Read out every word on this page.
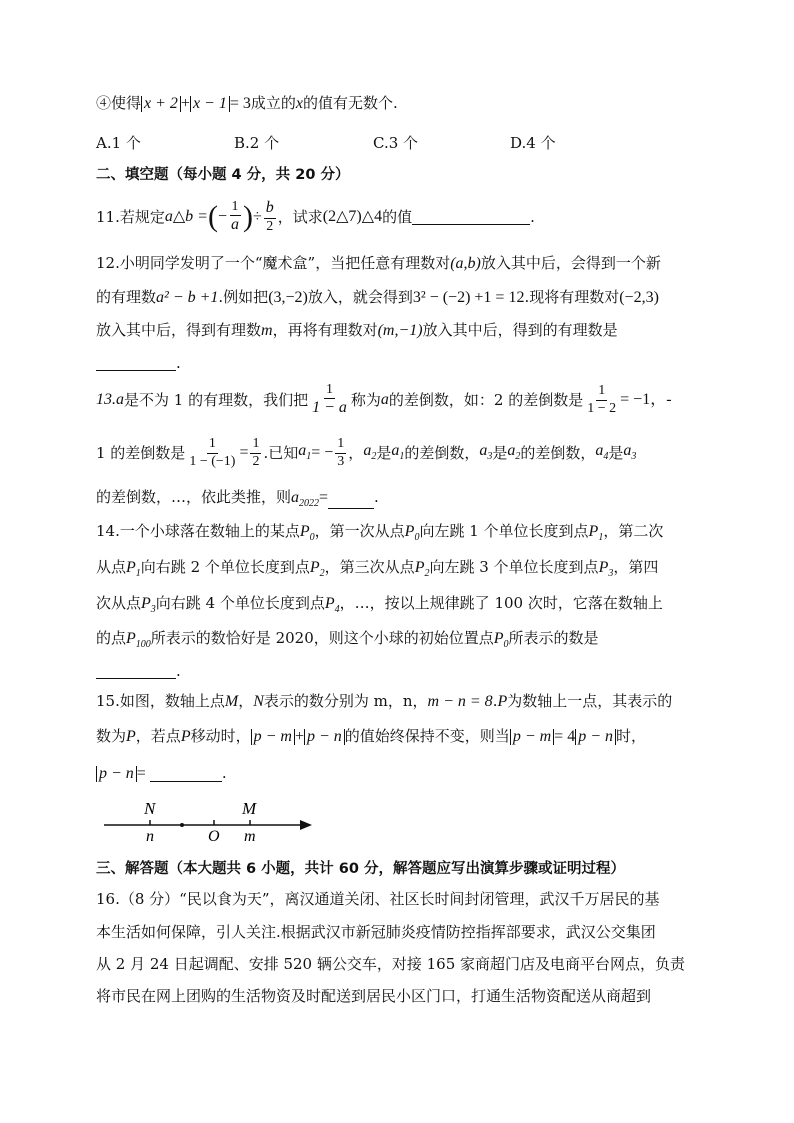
④使得 x + 2 + x − 1 = 3成立的x的值有无数个.
A.1 个	B.2 个	C.3 个	D.4 个
二、填空题（每小题 4 分，共 20 分）
11.若规定 a△b = ( − $\frac{1}{a}$ ) ÷ $\frac{b}{2}$ ，试求 (2△7)△4 的值	.
12.小明同学发明了一个“魔术盒”，当把任意有理数对(a,b)放入其中后，会得到一个新
的有理数a² − b +1.例如把(3,−2)放入，就会得到3² − (−2) +1 = 12.现将有理数对(−2,3)
放入其中后，得到有理数m，再将有理数对(m,−1)放入其中后，得到的有理数是
.
13. a 是不为 1 的有理数，我们把 $\frac{1}{1 - a}$ 称为 a 的差倒数，如：2 的差倒数是 $\frac{1}{1 - 2} = -1$，-
1 的差倒数是 $\frac{1}{1 - (-1)} = \frac{1}{2}$ .已知 $a_1$ = − $\frac{1}{3}$ ， $a_2$ 是 $a_1$ 的差倒数， $a_3$ 是 $a_2$ 的差倒数， $a_4$ 是 $a_3$
的差倒数，…，依此类推，则$a_{2022}=$	.
14.一个小球落在数轴上的某点$P_0$，第一次从点$P_0$向左跳 1 个单位长度到点$P_1$，第二次
从点$P_1$向右跳 2 个单位长度到点$P_2$，第三次从点$P_2$向左跳 3 个单位长度到点$P_3$，第四
次从点$P_3$向右跳 4 个单位长度到点$P_4$，…，按以上规律跳了 100 次时，它落在数轴上
的点$P_{100}$所表示的数恰好是 2020，则这个小球的初始位置点$P_0$所表示的数是
.
15.如图，数轴上点M，N表示的数分别为 m，n，m − n = 8.P为数轴上一点，其表示的
数为P，若点P移动时， p − m + p − n 的值始终保持不变，则当 p − m = 4 p − n 时，
p − n =	.
N	M
n	O m
三、解答题（本大题共 6 小题，共计 60 分，解答题应写出演算步骤或证明过程）
16.（8 分）“民以食为天”，离汉通道关闭、社区长时间封闭管理，武汉千万居民的基
本生活如何保障，引人关注.根据武汉市新冠肺炎疫情防控指挥部要求，武汉公交集团
从 2 月 24 日起调配、安排 520 辆公交车，对接 165 家商超门店及电商平台网点，负责
将市民在网上团购的生活物资及时配送到居民小区门口，打通生活物资配送从商超到
